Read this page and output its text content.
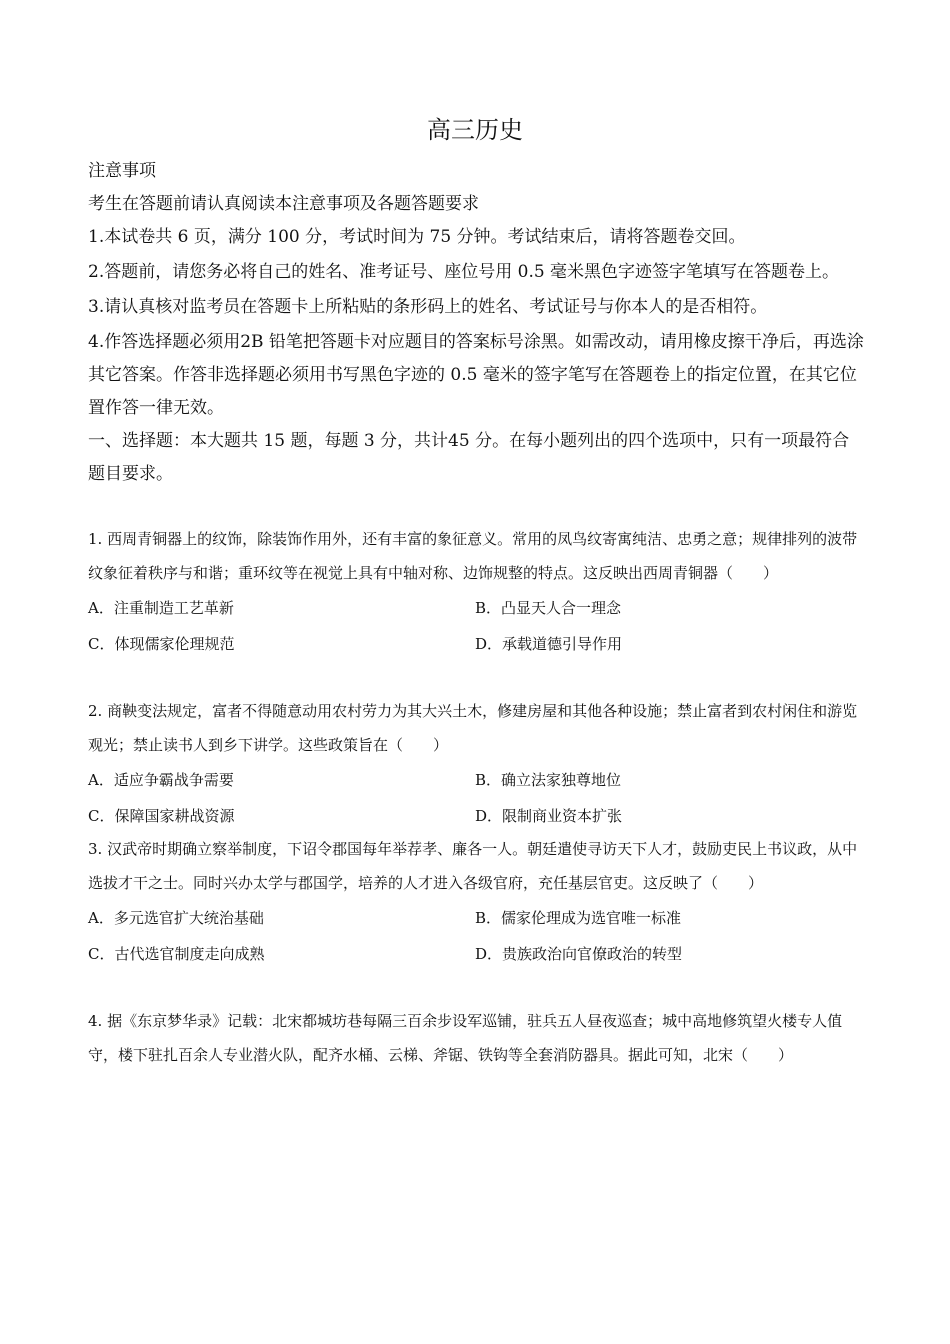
高三历史

注意事项

考生在答题前请认真阅读本注意事项及各题答题要求

1.本试卷共 6 页，满分 100 分，考试时间为 75 分钟。考试结束后，请将答题卷交回。

2.答题前，请您务必将自己的姓名、准考证号、座位号用 0.5 毫米黑色字迹签字笔填写在答题卷上。

3.请认真核对监考员在答题卡上所粘贴的条形码上的姓名、考试证号与你本人的是否相符。

4.作答选择题必须用2B 铅笔把答题卡对应题目的答案标号涂黑。如需改动，请用橡皮擦干净后，再选涂其它答案。作答非选择题必须用书写黑色字迹的 0.5 毫米的签字笔写在答题卷上的指定位置，在其它位置作答一律无效。

一、选择题：本大题共 15 题，每题 3 分，共计45 分。在每小题列出的四个选项中，只有一项最符合题目要求。

1. 西周青铜器上的纹饰，除装饰作用外，还有丰富的象征意义。常用的凤鸟纹寄寓纯洁、忠勇之意；规律排列的波带纹象征着秩序与和谐；重环纹等在视觉上具有中轴对称、边饰规整的特点。这反映出西周青铜器（　　）

A．注重制造工艺革新	B．凸显天人合一理念
C．体现儒家伦理规范	D．承载道德引导作用

2. 商鞅变法规定，富者不得随意动用农村劳力为其大兴土木，修建房屋和其他各种设施；禁止富者到农村闲住和游览观光；禁止读书人到乡下讲学。这些政策旨在（　　）

A．适应争霸战争需要	B．确立法家独尊地位
C．保障国家耕战资源	D．限制商业资本扩张

3. 汉武帝时期确立察举制度，下诏令郡国每年举荐孝、廉各一人。朝廷遣使寻访天下人才，鼓励吏民上书议政，从中选拔才干之士。同时兴办太学与郡国学，培养的人才进入各级官府，充任基层官吏。这反映了（　　）

A．多元选官扩大统治基础	B．儒家伦理成为选官唯一标准
C．古代选官制度走向成熟	D．贵族政治向官僚政治的转型

4. 据《东京梦华录》记载：北宋都城坊巷每隔三百余步设军巡铺，驻兵五人昼夜巡查；城中高地修筑望火楼专人值守，楼下驻扎百余人专业潜火队，配齐水桶、云梯、斧锯、铁钩等全套消防器具。据此可知，北宋（　　）
